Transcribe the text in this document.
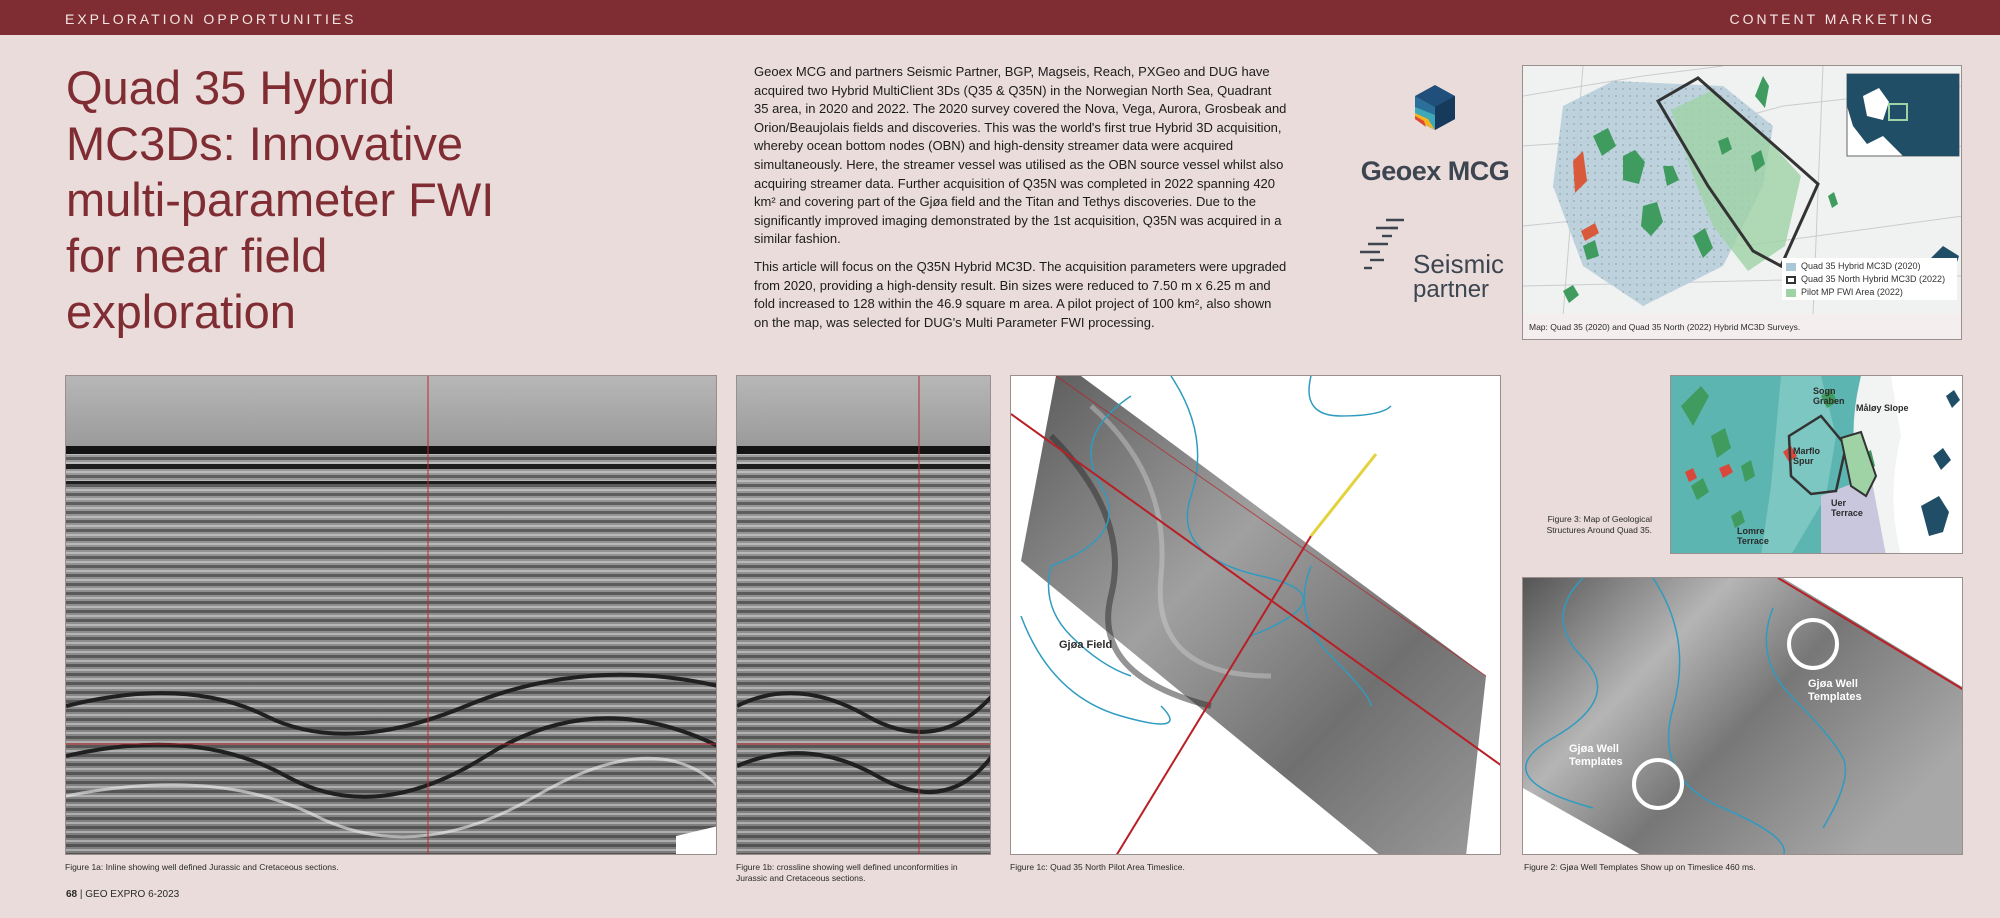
EXPLORATION OPPORTUNITIES	CONTENT MARKETING
Quad 35 Hybrid
MC3Ds: Innovative
multi-parameter FWI
for near field
exploration

Geoex MCG and partners Seismic Partner, BGP, Magseis, Reach, PXGeo and DUG have acquired two Hybrid MultiClient 3Ds (Q35 & Q35N) in the Norwegian North Sea, Quadrant 35 area, in 2020 and 2022. The 2020 survey covered the Nova, Vega, Aurora, Grosbeak and Orion/Beaujolais fields and discoveries. This was the world's first true Hybrid 3D acquisition, whereby ocean bottom nodes (OBN) and high-density streamer data were acquired simultaneously. Here, the streamer vessel was utilised as the OBN source vessel whilst also acquiring streamer data. Further acquisition of Q35N was completed in 2022 spanning 420 km² and covering part of the Gjøa field and the Titan and Tethys discoveries. Due to the significantly improved imaging demonstrated by the 1st acquisition, Q35N was acquired in a similar fashion.

This article will focus on the Q35N Hybrid MC3D. The acquisition parameters were upgraded from 2020, providing a high-density result. Bin sizes were reduced to 7.50 m x 6.25 m and fold increased to 128 within the 46.9 square m area. A pilot project of 100 km², also shown on the map, was selected for DUG's Multi Parameter FWI processing.

Geoex MCG
Seismic
partner
Quad 35 Hybrid MC3D (2020)
Quad 35 North Hybrid MC3D (2022)
Pilot MP FWI Area (2022)
Map: Quad 35 (2020) and Quad 35 North (2022) Hybrid MC3D Surveys.
Figure 1a: Inline showing well defined Jurassic and Cretaceous sections.	Figure 1b: crossline showing well defined unconformities in Jurassic and Cretaceous sections.
Gjøa Field
Figure 1c: Quad 35 North Pilot Area Timeslice.
Sogn Graben
Måløy Slope
Marflo Spur
Uer Terrace
Lomre Terrace
Figure 3: Map of Geological Structures Around Quad 35.
Gjøa Well Templates
Gjøa Well Templates
Figure 2: Gjøa Well Templates Show up on Timeslice 460 ms.
68 | GEO EXPRO 6-2023
